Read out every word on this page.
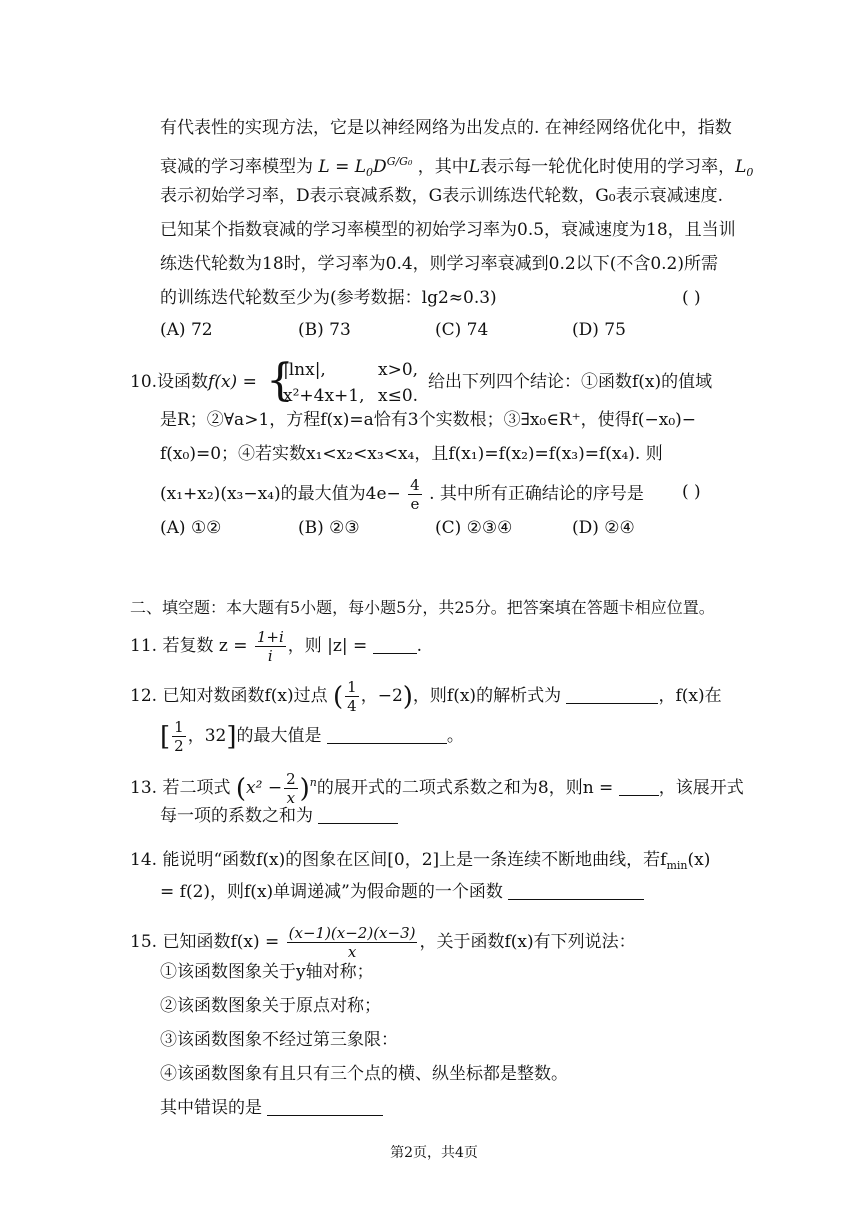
有代表性的实现方法，它是以神经网络为出发点的. 在神经网络优化中，指数
衰减的学习率模型为 $L = L_0D^{G/G_0}$ ，其中L表示每一轮优化时使用的学习率，$L_0$
表示初始学习率，D表示衰减系数，G表示训练迭代轮数，G₀表示衰减速度.
已知某个指数衰减的学习率模型的初始学习率为0.5，衰减速度为18，且当训
练迭代轮数为18时，学习率为0.4，则学习率衰减到0.2以下(不含0.2)所需
的训练迭代轮数至少为(参考数据：lg2≈0.3)	( )
(A) 72	(B) 73	(C) 74	(D) 75
10.设函数f(x) = {
|lnx|,	x>0,
x²+4x+1, x≤0.
给出下列四个结论：①函数f(x)的值域
是R；②∀a>1，方程f(x)=a恰有3个实数根；③∃x₀∈R⁺，使得f(−x₀)−
f(x₀)=0；④若实数x₁<x₂<x₃<x₄，且f(x₁)=f(x₂)=f(x₃)=f(x₄). 则
(x₁+x₂)(x₃−x₄)的最大值为$4e- \frac{4}{e}$ . 其中所有正确结论的序号是 ( )
(A) ①②	(B) ②③	(C) ②③④	(D) ②④
二、填空题：本大题有5小题，每小题5分，共25分。把答案填在答题卡相应位置。
11. 若复数 $z = \frac{1+i}{i}$ ，则 |z| =	.
12. 已知对数函数f(x)过点 ( $\frac{1}{4}$ ，−2)，则f(x)的解析式为	，f(x)在
[ $\frac{1}{2}$ ，32]的最大值是	。
13. 若二项式 $(x^2 - \frac{2}{x} )^n$的展开式的二项式系数之和为8，则n =	，该展开式
每一项的系数之和为
14. 能说明“函数f(x)的图象在区间[0，2]上是一条连续不断地曲线，若$f_{min}(x)$
= f(2)，则f(x)单调递减”为假命题的一个函数
15. 已知函数$f(x) = \frac{(x-1)(x-2)(x-3)}{x}$ ，关于函数f(x)有下列说法：
①该函数图象关于y轴对称；
②该函数图象关于原点对称；
③该函数图象不经过第三象限：
④该函数图象有且只有三个点的横、纵坐标都是整数。
其中错误的是
第2页，共4页
